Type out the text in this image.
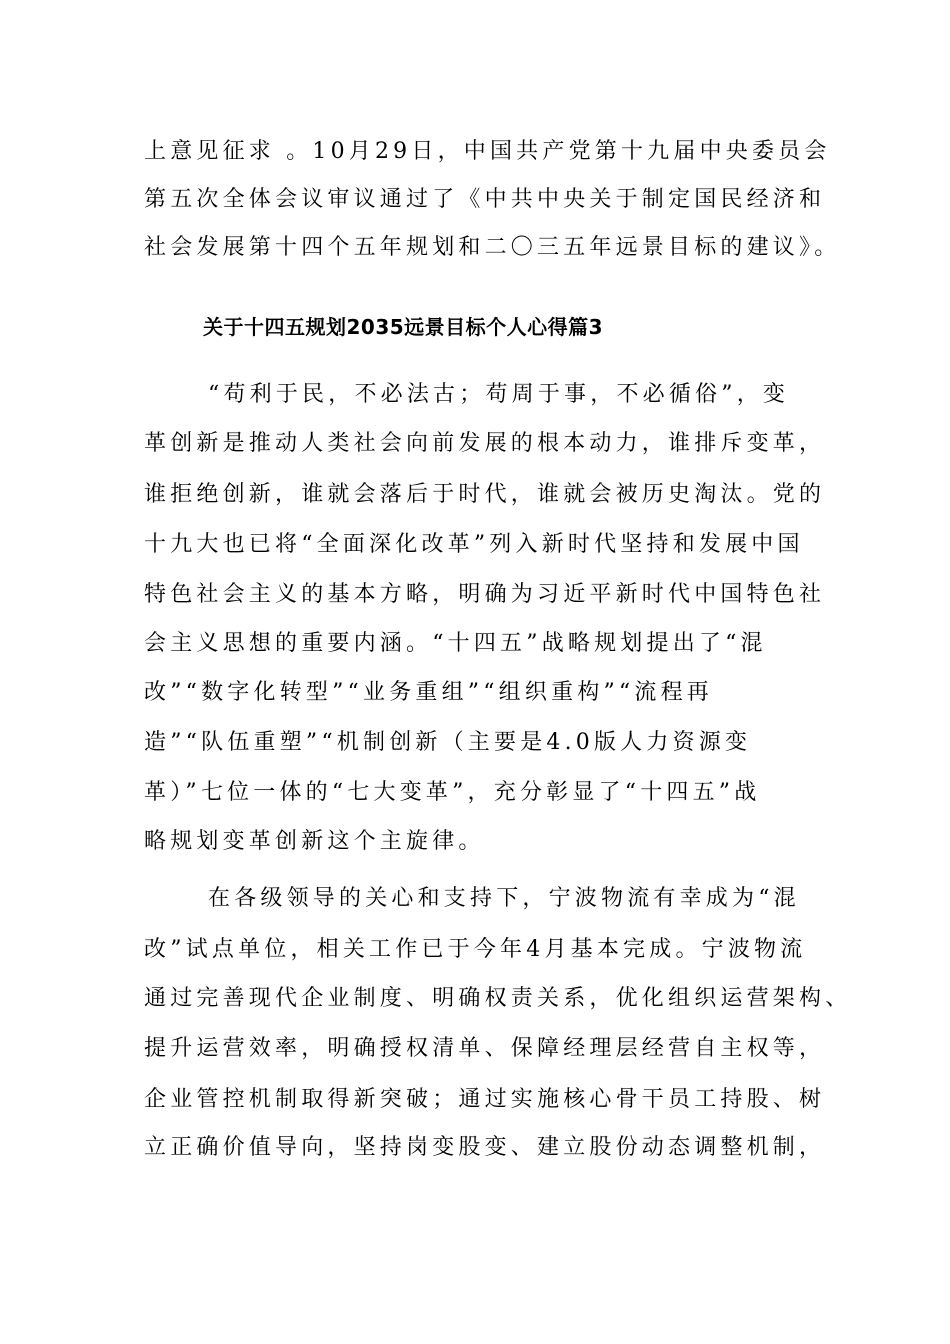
上意见征求 。10月29日，中国共产党第十九届中央委员会
第五次全体会议审议通过了《中共中央关于制定国民经济和
社会发展第十四个五年规划和二〇三五年远景目标的建议》。
关于十四五规划2035远景目标个人心得篇3
“苟利于民，不必法古；苟周于事，不必循俗”，变
革创新是推动人类社会向前发展的根本动力，谁排斥变革，
谁拒绝创新，谁就会落后于时代，谁就会被历史淘汰。党的
十九大也已将“全面深化改革”列入新时代坚持和发展中国
特色社会主义的基本方略，明确为习近平新时代中国特色社
会主义思想的重要内涵。“十四五”战略规划提出了“混
改”“数字化转型”“业务重组”“组织重构”“流程再
造”“队伍重塑”“机制创新（主要是4.0版人力资源变
革）”七位一体的“七大变革”，充分彰显了“十四五”战
略规划变革创新这个主旋律。
在各级领导的关心和支持下，宁波物流有幸成为“混
改”试点单位，相关工作已于今年4月基本完成。宁波物流
通过完善现代企业制度、明确权责关系，优化组织运营架构、
提升运营效率，明确授权清单、保障经理层经营自主权等，
企业管控机制取得新突破；通过实施核心骨干员工持股、树
立正确价值导向，坚持岗变股变、建立股份动态调整机制，
